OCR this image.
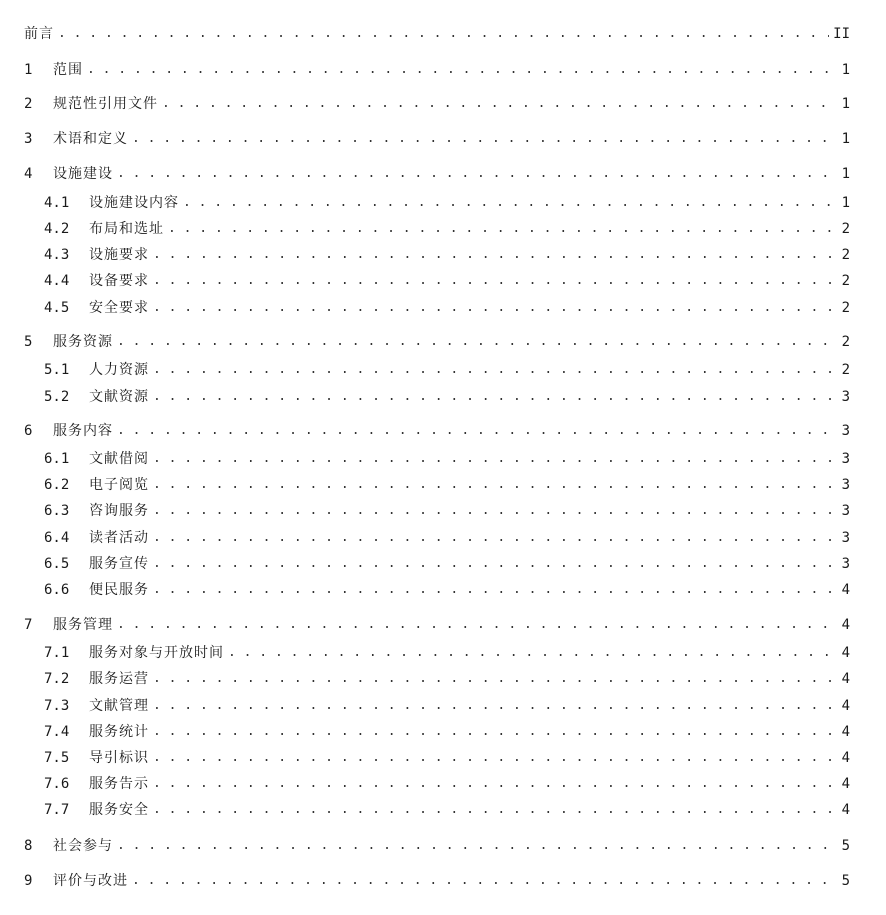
前言 . . .	II
1	范围 . . .	1
2	规范性引用文件 . . .	1
3	术语和定义 . . .	1
4	设施建设 . . .	1
4.1	设施建设内容 . . .	1
4.2	布局和选址 . . .	2
4.3	设施要求 . . .	2
4.4	设备要求 . . .	2
4.5	安全要求 . . .	2
5	服务资源 . . .	2
5.1	人力资源 . . .	2
5.2	文献资源 . . .	3
6	服务内容 . . .	3
6.1	文献借阅 . . .	3
6.2	电子阅览 . . .	3
6.3	咨询服务 . . .	3
6.4	读者活动 . . .	3
6.5	服务宣传 . . .	3
6.6	便民服务 . . .	4
7	服务管理 . . .	4
7.1	服务对象与开放时间 . . .	4
7.2	服务运营 . . .	4
7.3	文献管理 . . .	4
7.4	服务统计 . . .	4
7.5	导引标识 . . .	4
7.6	服务告示 . . .	4
7.7	服务安全 . . .	4
8	社会参与 . . .	5
9	评价与改进 . . .	5
